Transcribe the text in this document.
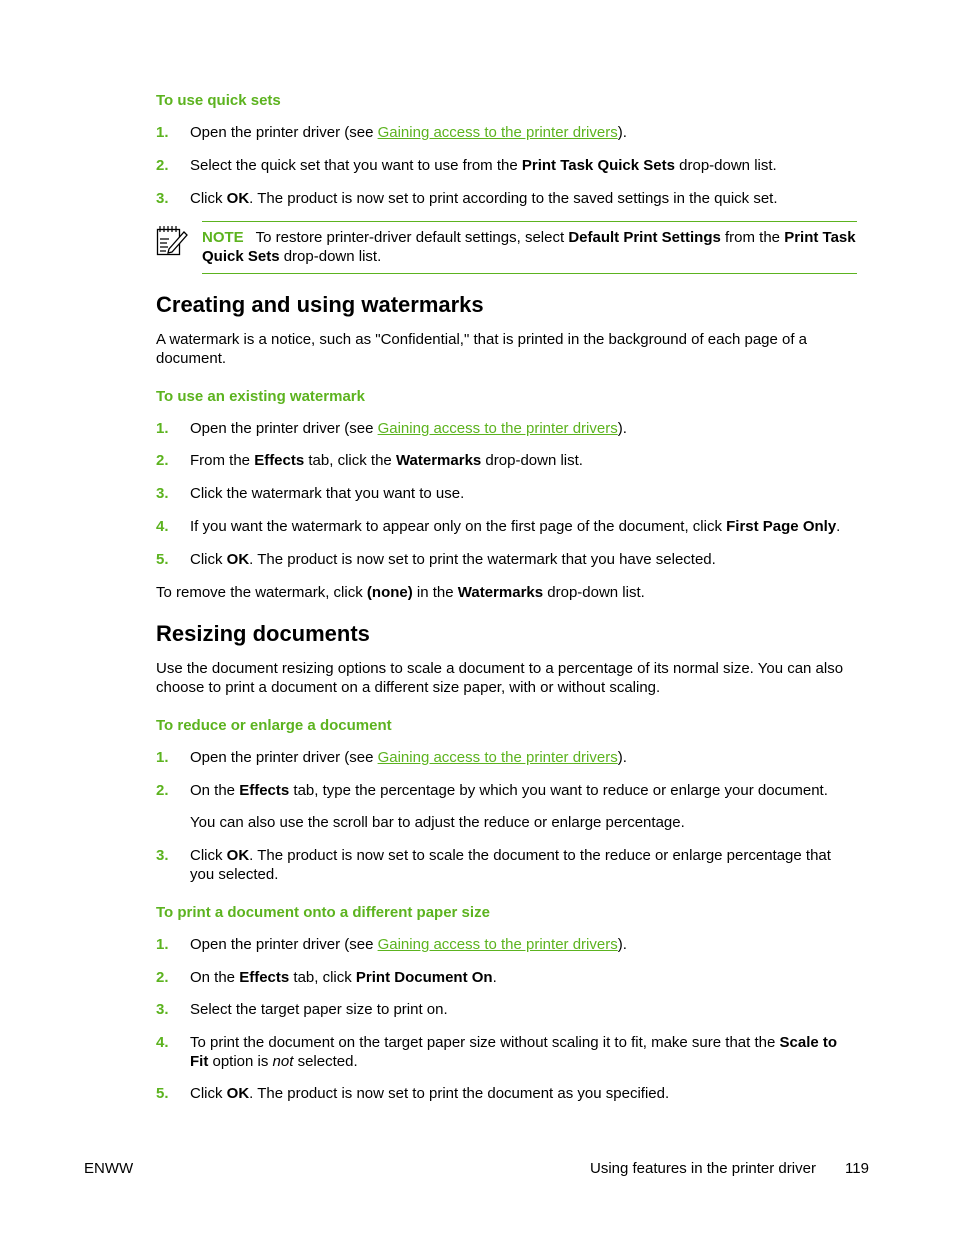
To use quick sets
1. Open the printer driver (see Gaining access to the printer drivers).
2. Select the quick set that you want to use from the Print Task Quick Sets drop-down list.
3. Click OK. The product is now set to print according to the saved settings in the quick set.
NOTE To restore printer-driver default settings, select Default Print Settings from the Print Task Quick Sets drop-down list.
Creating and using watermarks
A watermark is a notice, such as "Confidential," that is printed in the background of each page of a document.
To use an existing watermark
1. Open the printer driver (see Gaining access to the printer drivers).
2. From the Effects tab, click the Watermarks drop-down list.
3. Click the watermark that you want to use.
4. If you want the watermark to appear only on the first page of the document, click First Page Only.
5. Click OK. The product is now set to print the watermark that you have selected.
To remove the watermark, click (none) in the Watermarks drop-down list.
Resizing documents
Use the document resizing options to scale a document to a percentage of its normal size. You can also choose to print a document on a different size paper, with or without scaling.
To reduce or enlarge a document
1. Open the printer driver (see Gaining access to the printer drivers).
2. On the Effects tab, type the percentage by which you want to reduce or enlarge your document.
You can also use the scroll bar to adjust the reduce or enlarge percentage.
3. Click OK. The product is now set to scale the document to the reduce or enlarge percentage that you selected.
To print a document onto a different paper size
1. Open the printer driver (see Gaining access to the printer drivers).
2. On the Effects tab, click Print Document On.
3. Select the target paper size to print on.
4. To print the document on the target paper size without scaling it to fit, make sure that the Scale to Fit option is not selected.
5. Click OK. The product is now set to print the document as you specified.
ENWW	Using features in the printer driver 119
